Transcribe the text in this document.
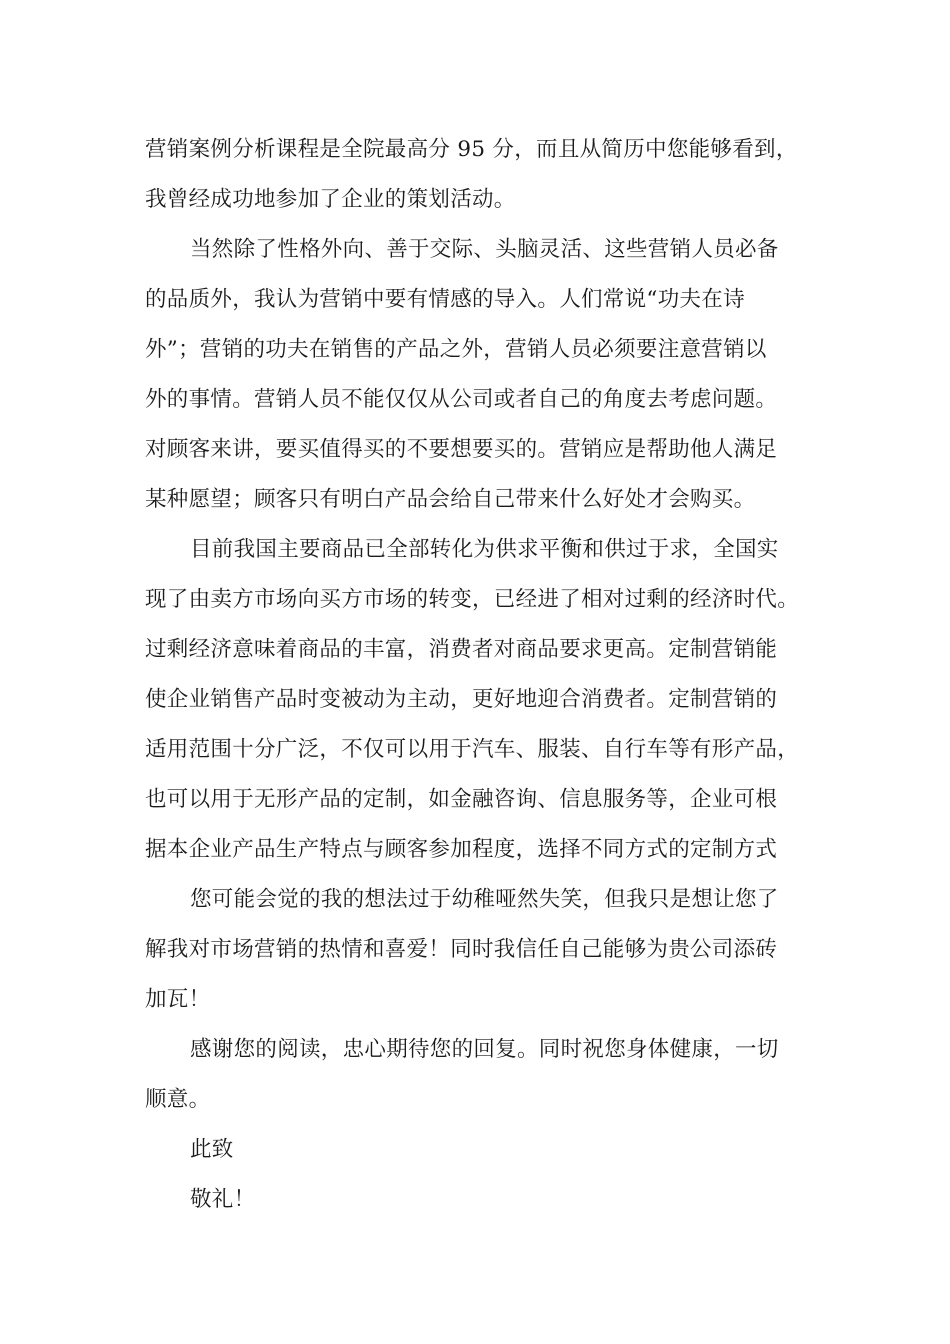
营销案例分析课程是全院最高分 95 分，而且从简历中您能够看到，
我曾经成功地参加了企业的策划活动。
当然除了性格外向、善于交际、头脑灵活、这些营销人员必备
的品质外，我认为营销中要有情感的导入。人们常说“功夫在诗
外”；营销的功夫在销售的产品之外，营销人员必须要注意营销以
外的事情。营销人员不能仅仅从公司或者自己的角度去考虑问题。
对顾客来讲，要买值得买的不要想要买的。营销应是帮助他人满足
某种愿望；顾客只有明白产品会给自己带来什么好处才会购买。
目前我国主要商品已全部转化为供求平衡和供过于求，全国实
现了由卖方市场向买方市场的转变，已经进了相对过剩的经济时代。
过剩经济意味着商品的丰富，消费者对商品要求更高。定制营销能
使企业销售产品时变被动为主动，更好地迎合消费者。定制营销的
适用范围十分广泛，不仅可以用于汽车、服装、自行车等有形产品，
也可以用于无形产品的定制，如金融咨询、信息服务等，企业可根
据本企业产品生产特点与顾客参加程度，选择不同方式的定制方式
您可能会觉的我的想法过于幼稚哑然失笑，但我只是想让您了
解我对市场营销的热情和喜爱！同时我信任自己能够为贵公司添砖
加瓦！
感谢您的阅读，忠心期待您的回复。同时祝您身体健康，一切
顺意。
此致
敬礼！
